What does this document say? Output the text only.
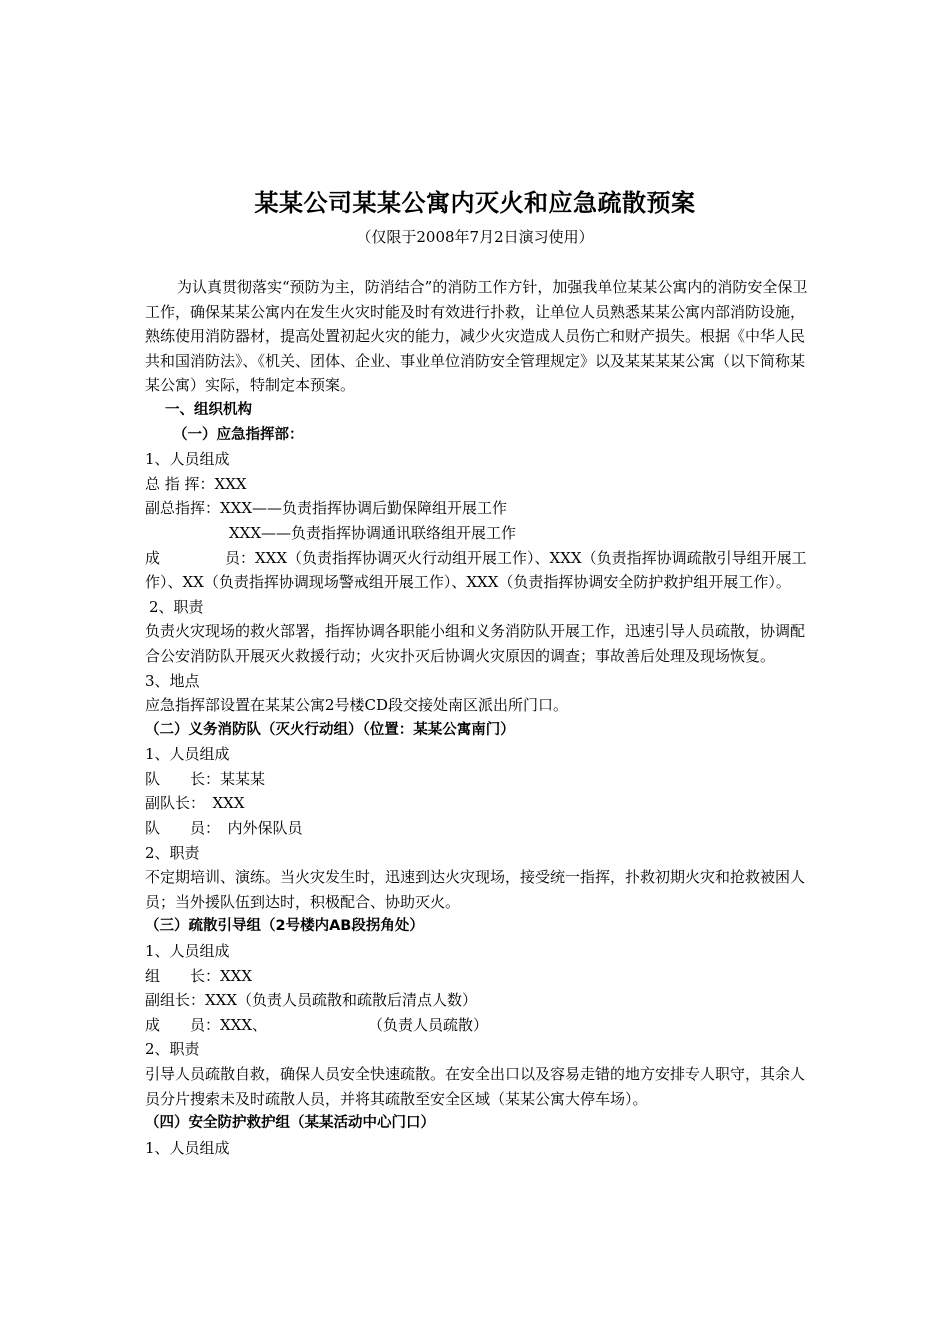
某某公司某某公寓内灭火和应急疏散预案
（仅限于2008年7月2日演习使用）

为认真贯彻落实“预防为主，防消结合”的消防工作方针，加强我单位某某公寓内的消防安全保卫工作，确保某某公寓内在发生火灾时能及时有效进行扑救，让单位人员熟悉某某公寓内部消防设施，熟练使用消防器材，提高处置初起火灾的能力，减少火灾造成人员伤亡和财产损失。根据《中华人民共和国消防法》、《机关、团体、企业、事业单位消防安全管理规定》以及某某某某公寓（以下简称某某公寓）实际，特制定本预案。

一、组织机构

（一）应急指挥部：

1、人员组成

总 指 挥：XXX

副总指挥：XXX——负责指挥协调后勤保障组开展工作

XXX——负责指挥协调通讯联络组开展工作

成	员：XXX（负责指挥协调灭火行动组开展工作）、XXX（负责指挥协调疏散引导组开展工作）、XX（负责指挥协调现场警戒组开展工作）、XXX（负责指挥协调安全防护救护组开展工作）。

2、职责

负责火灾现场的救火部署，指挥协调各职能小组和义务消防队开展工作，迅速引导人员疏散，协调配合公安消防队开展灭火救援行动；火灾扑灭后协调火灾原因的调查；事故善后处理及现场恢复。

3、地点

应急指挥部设置在某某公寓2号楼CD段交接处南区派出所门口。

（二）义务消防队（灭火行动组）（位置：某某公寓南门）

1、人员组成

队　　长：某某某

副队长：　XXX

队　　员：　内外保队员

2、职责

不定期培训、演练。当火灾发生时，迅速到达火灾现场，接受统一指挥，扑救初期火灾和抢救被困人员；当外援队伍到达时，积极配合、协助灭火。

（三）疏散引导组（2号楼内AB段拐角处）

1、人员组成

组　　长：XXX

副组长：XXX（负责人员疏散和疏散后清点人数）

成　　员：XXX、	（负责人员疏散）

2、职责

引导人员疏散自救，确保人员安全快速疏散。在安全出口以及容易走错的地方安排专人职守，其余人员分片搜索未及时疏散人员，并将其疏散至安全区域（某某公寓大停车场）。

（四）安全防护救护组（某某活动中心门口）

1、人员组成
